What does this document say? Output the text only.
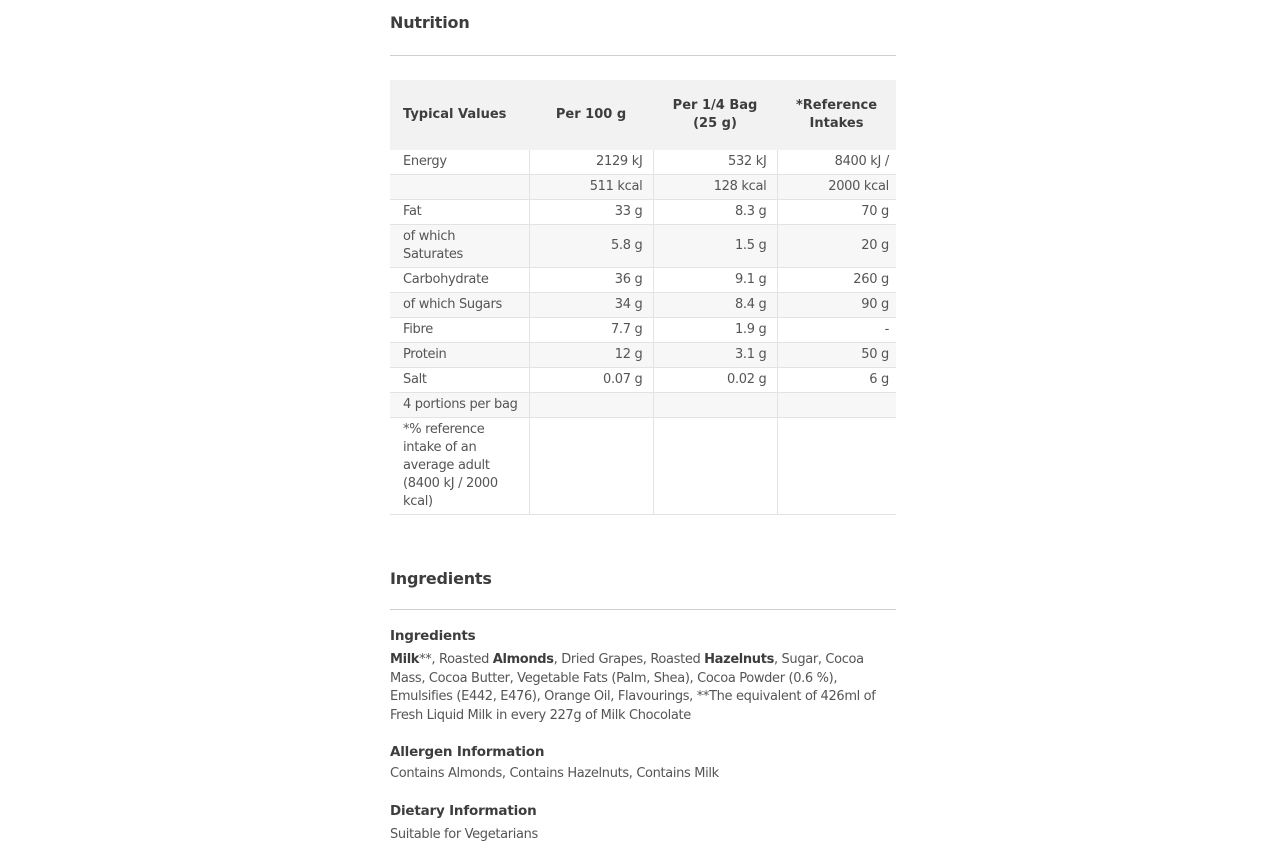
Nutrition
Typical Values	Per 100 g	Per 1/4 Bag (25 g)	*Reference Intakes
Energy	2129 kJ	532 kJ	8400 kJ /
	511 kcal	128 kcal	2000 kcal
Fat	33 g	8.3 g	70 g
of which Saturates	5.8 g	1.5 g	20 g
Carbohydrate	36 g	9.1 g	260 g
of which Sugars	34 g	8.4 g	90 g
Fibre	7.7 g	1.9 g	-
Protein	12 g	3.1 g	50 g
Salt	0.07 g	0.02 g	6 g
4 portions per bag			
*% reference intake of an average adult (8400 kJ / 2000 kcal)			
Ingredients
Ingredients
Milk**, Roasted Almonds, Dried Grapes, Roasted Hazelnuts, Sugar, Cocoa Mass, Cocoa Butter, Vegetable Fats (Palm, Shea), Cocoa Powder (0.6 %), Emulsifies (E442, E476), Orange Oil, Flavourings, **The equivalent of 426ml of Fresh Liquid Milk in every 227g of Milk Chocolate
Allergen Information
Contains Almonds, Contains Hazelnuts, Contains Milk
Dietary Information
Suitable for Vegetarians
